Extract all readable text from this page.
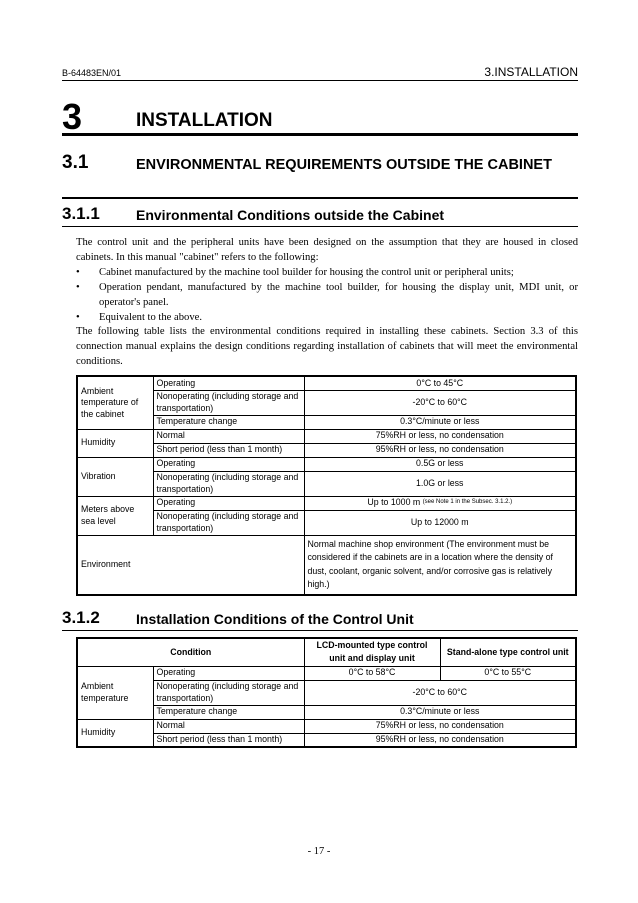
B-64483EN/01	3.INSTALLATION
3	INSTALLATION
3.1	ENVIRONMENTAL REQUIREMENTS OUTSIDE THE CABINET
3.1.1	Environmental Conditions outside the Cabinet

The control unit and the peripheral units have been designed on the assumption that they are housed in closed cabinets. In this manual "cabinet" refers to the following:

• Cabinet manufactured by the machine tool builder for housing the control unit or peripheral units;
• Operation pendant, manufactured by the machine tool builder, for housing the display unit, MDI unit, or operator's panel.
• Equivalent to the above.

The following table lists the environmental conditions required in installing these cabinets. Section 3.3 of this connection manual explains the design conditions regarding installation of cabinets that will meet the environmental conditions.

Ambient temperature of the cabinet	Operating	0°C to 45°C
	Nonoperating (including storage and transportation)	-20°C to 60°C
	Temperature change	0.3°C/minute or less
Humidity	Normal	75%RH or less, no condensation
	Short period (less than 1 month)	95%RH or less, no condensation
Vibration	Operating	0.5G or less
	Nonoperating (including storage and transportation)	1.0G or less
Meters above sea level	Operating	Up to 1000 m $^{(see Note 1 in the Subsec. 3.1.2.)}$
	Nonoperating (including storage and transportation)	Up to 12000 m
Environment		Normal machine shop environment (The environment must be considered if the cabinets are in a location where the density of dust, coolant, organic solvent, and/or corrosive gas is relatively high.)
3.1.2	Installation Conditions of the Control Unit
Condition		LCD-mounted type control unit and display unit	Stand-alone type control unit
Ambient temperature	Operating	0°C to 58°C	0°C to 55°C
	Nonoperating (including storage and transportation)	-20°C to 60°C	
	Temperature change	0.3°C/minute or less	
Humidity	Normal	75%RH or less, no condensation	
	Short period (less than 1 month)	95%RH or less, no condensation	
- 17 -
